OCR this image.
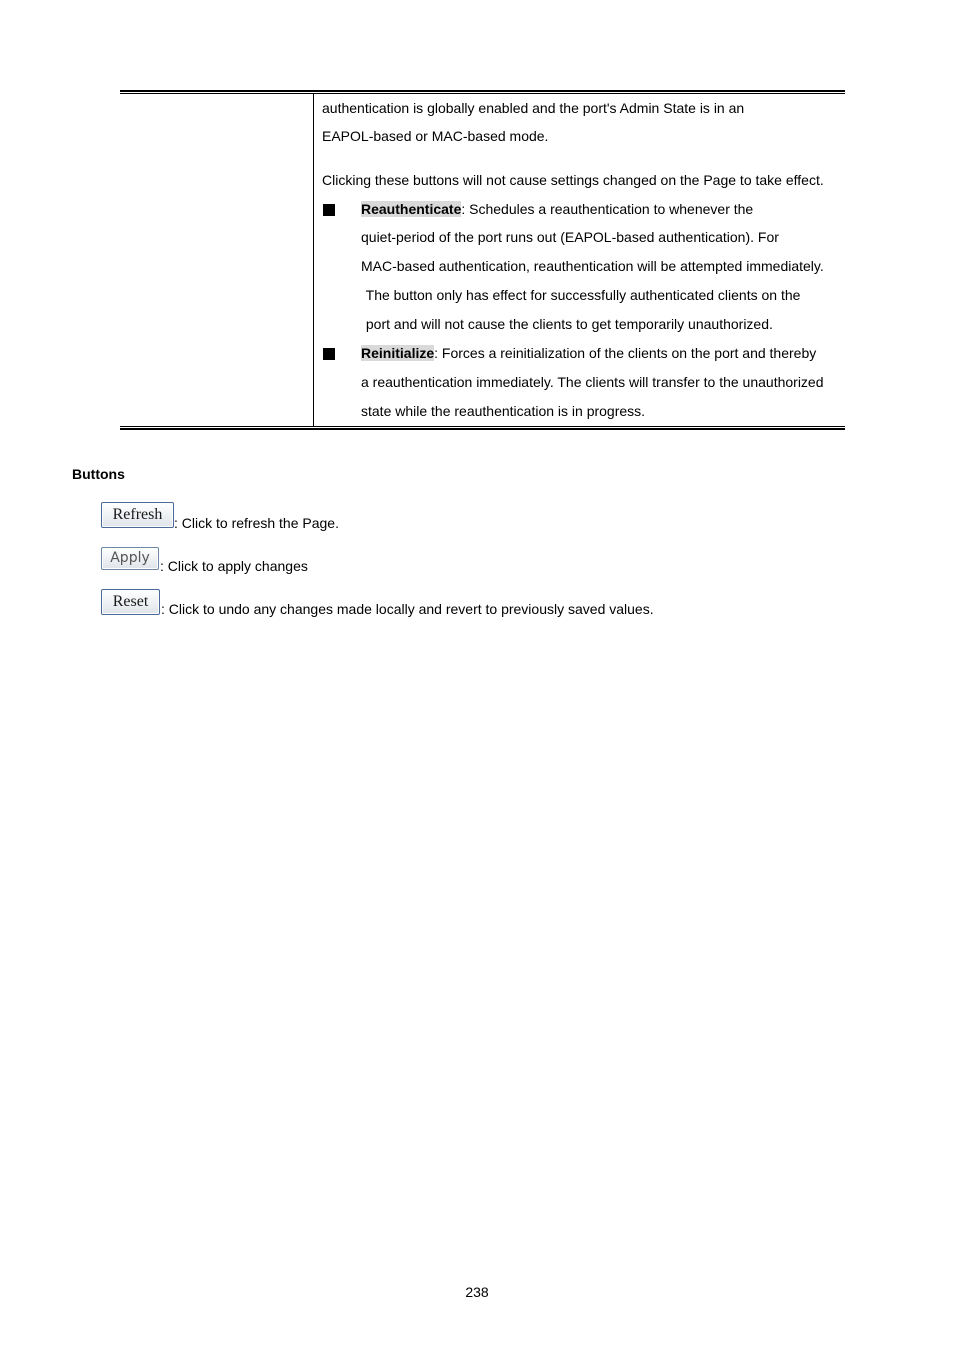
authentication is globally enabled and the port's Admin State is in an
EAPOL-based or MAC-based mode.
Clicking these buttons will not cause settings changed on the Page to take effect.
Reauthenticate: Schedules a reauthentication to whenever the
quiet-period of the port runs out (EAPOL-based authentication). For
MAC-based authentication, reauthentication will be attempted immediately.
The button only has effect for successfully authenticated clients on the
port and will not cause the clients to get temporarily unauthorized.
Reinitialize: Forces a reinitialization of the clients on the port and thereby
a reauthentication immediately. The clients will transfer to the unauthorized
state while the reauthentication is in progress.
Buttons
Refresh : Click to refresh the Page.
Apply : Click to apply changes
Reset : Click to undo any changes made locally and revert to previously saved values.
238
